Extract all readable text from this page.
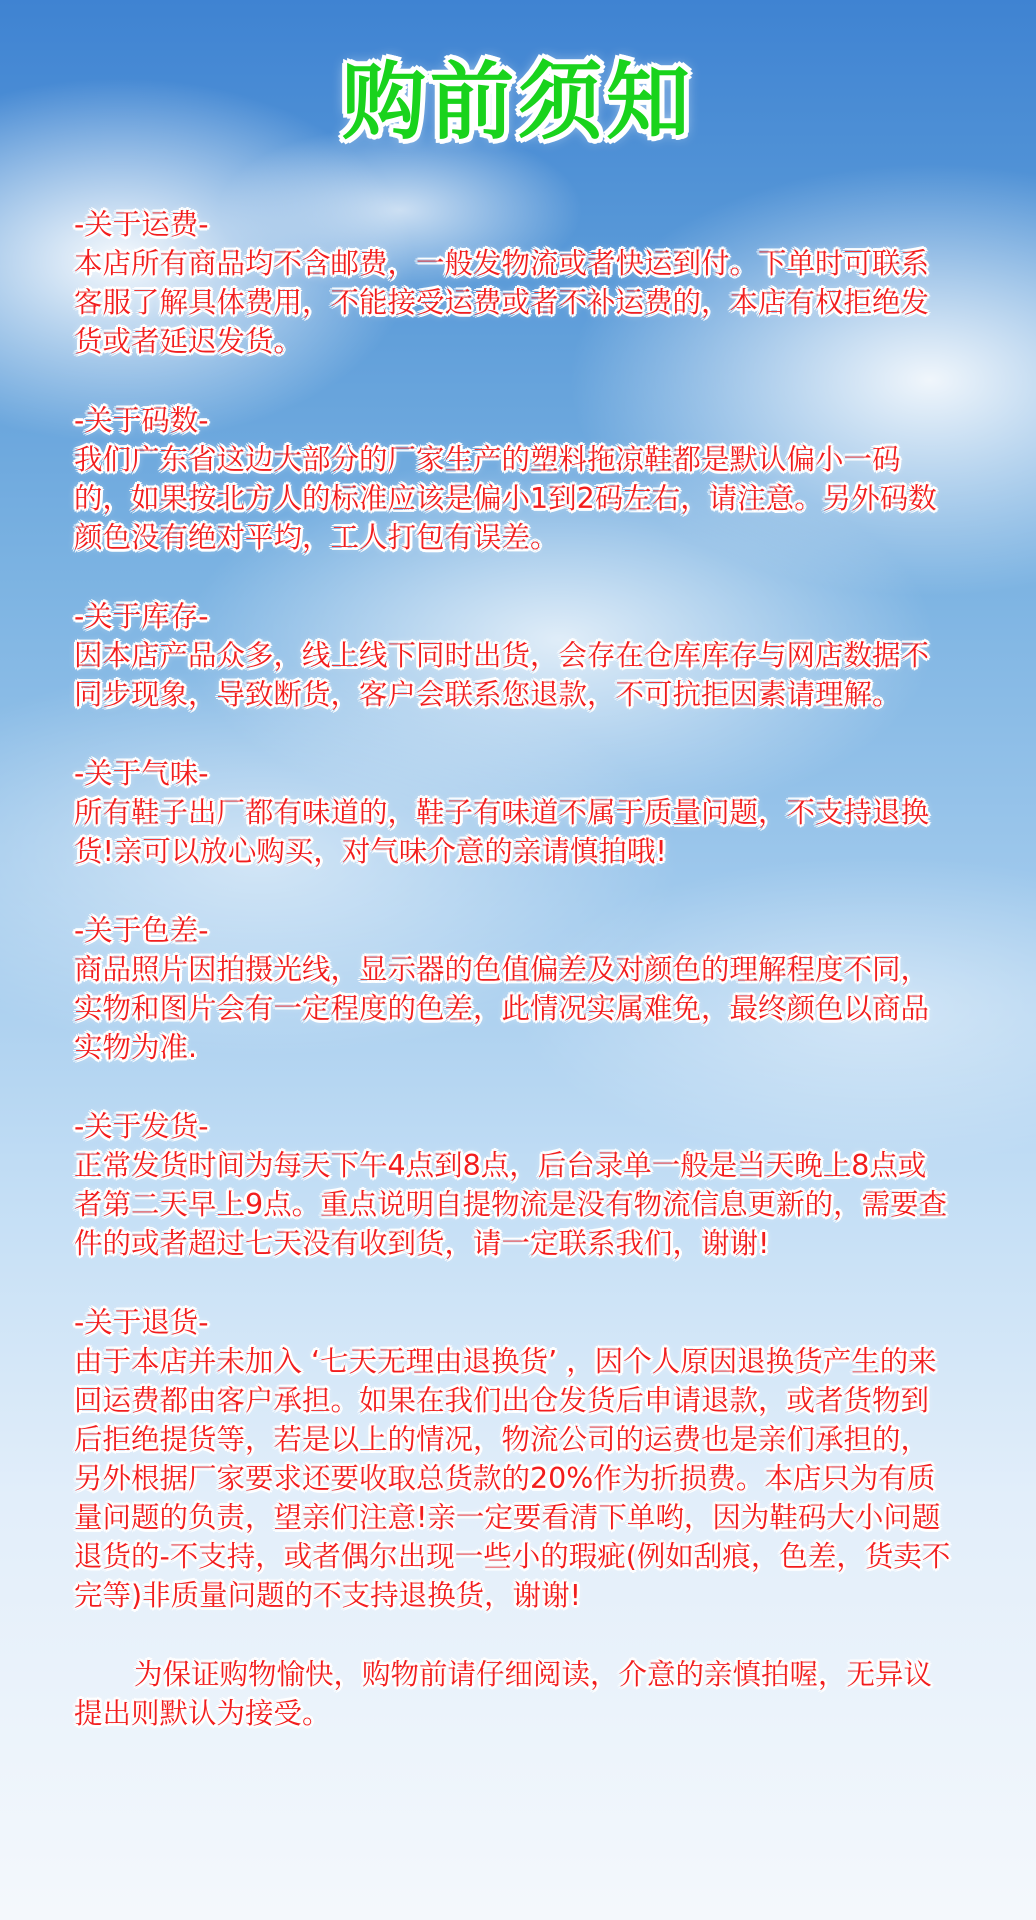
购前须知
-关于运费-
本店所有商品均不含邮费，一般发物流或者快运到付。下单时可联系客服了解具体费用，不能接受运费或者不补运费的，本店有权拒绝发货或者延迟发货。
-关于码数-
我们广东省这边大部分的厂家生产的塑料拖凉鞋都是默认偏小一码的，如果按北方人的标准应该是偏小1到2码左右，请注意。另外码数颜色没有绝对平均，工人打包有误差。
-关于库存-
因本店产品众多，线上线下同时出货，会存在仓库库存与网店数据不同步现象，导致断货，客户会联系您退款，不可抗拒因素请理解。
-关于气味-
所有鞋子出厂都有味道的，鞋子有味道不属于质量问题，不支持退换货!亲可以放心购买，对气味介意的亲请慎拍哦!
-关于色差-
商品照片因拍摄光线，显示器的色值偏差及对颜色的理解程度不同，实物和图片会有一定程度的色差，此情况实属难免，最终颜色以商品实物为准.
-关于发货-
正常发货时间为每天下午4点到8点，后台录单一般是当天晚上8点或者第二天早上9点。重点说明自提物流是没有物流信息更新的，需要查件的或者超过七天没有收到货，请一定联系我们，谢谢!
-关于退货-
由于本店并未加入 ‘七天无理由退换货’ ，因个人原因退换货产生的来回运费都由客户承担。如果在我们出仓发货后申请退款，或者货物到后拒绝提货等，若是以上的情况，物流公司的运费也是亲们承担的，另外根据厂家要求还要收取总货款的20%作为折损费。本店只为有质量问题的负责，望亲们注意!亲一定要看清下单哟，因为鞋码大小问题退货的-不支持，或者偶尔出现一些小的瑕疵(例如刮痕，色差，货卖不完等)非质量问题的不支持退换货，谢谢!
为保证购物愉快，购物前请仔细阅读，介意的亲慎拍喔，无异议提出则默认为接受。
